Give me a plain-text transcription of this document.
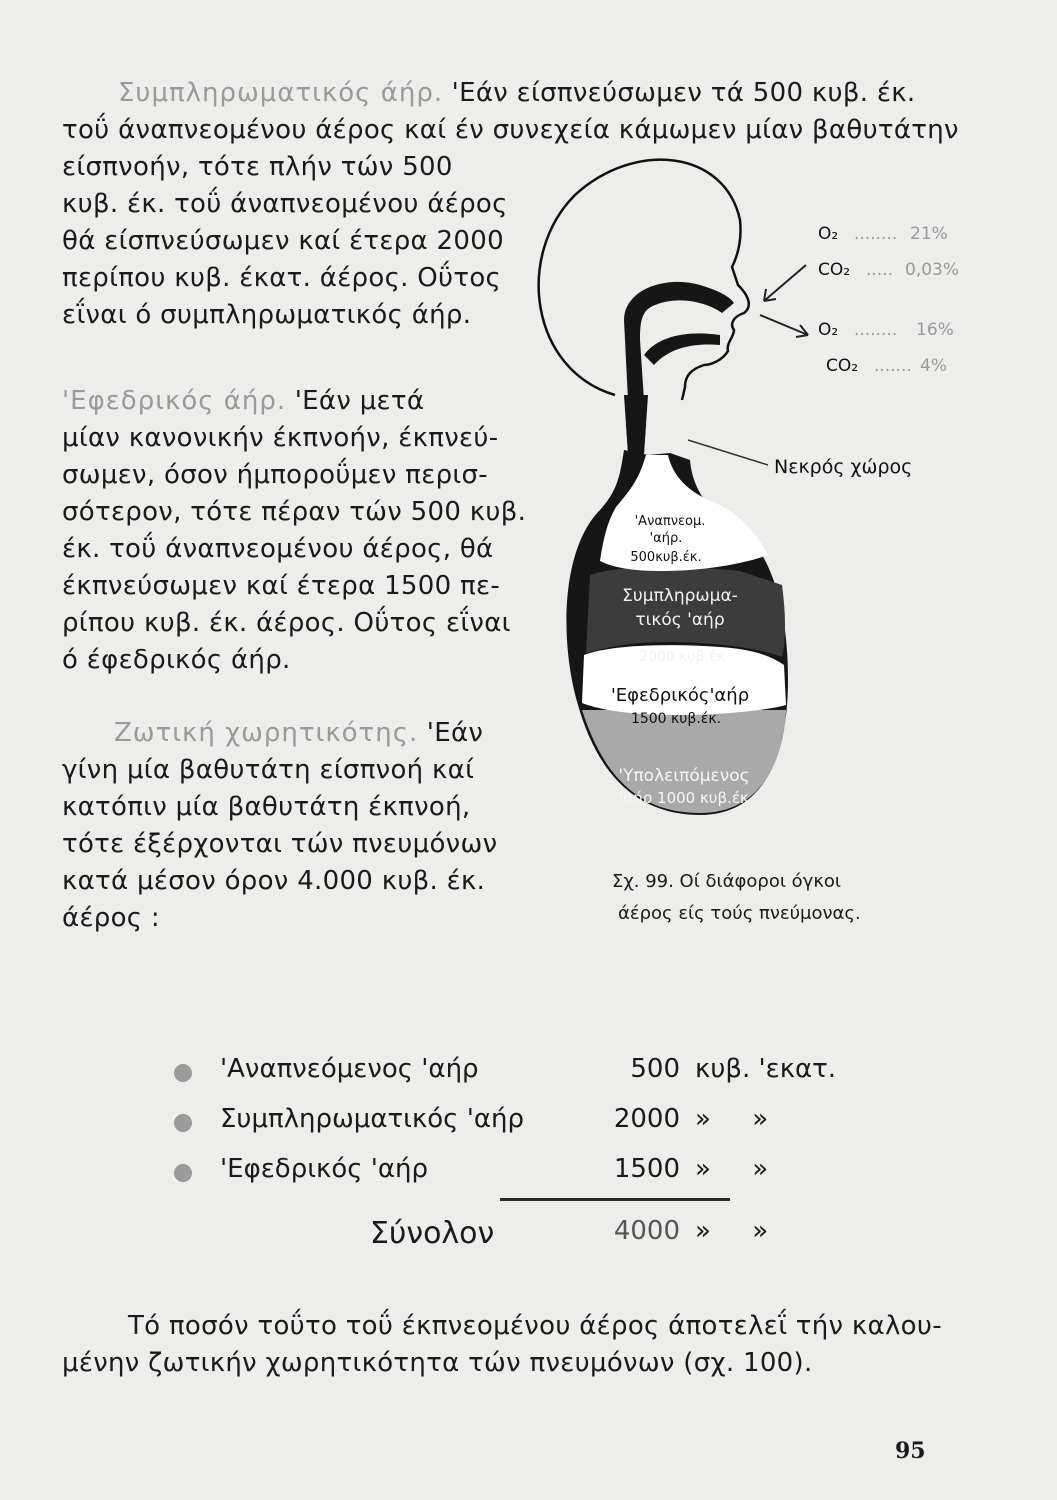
Συμπληρωματικός άήρ. 'Εάν είσπνεύσωμεν τά 500 κυβ. έκ.
τοΰ άναπνεομένου άέρος καί έν συνεχεία κάμωμεν μίαν βαθυτάτην
είσπνοήν, τότε πλήν τών 500
κυβ. έκ. τοΰ άναπνεομένου άέρος
θά είσπνεύσωμεν καί έτερα 2000
περίπου κυβ. έκατ. άέρος. Οΰτος
εΐναι ό συμπληρωματικός άήρ.
'Εφεδρικός άήρ. 'Εάν μετά
μίαν κανονικήν έκπνοήν, έκπνεύ-
σωμεν, όσον ήμποροΰμεν περισ-
σότερον, τότε πέραν τών 500 κυβ.
έκ. τοΰ άναπνεομένου άέρος, θά
έκπνεύσωμεν καί έτερα 1500 πε-
ρίπου κυβ. έκ. άέρος. Οΰτος εΐναι
ό έφεδρικός άήρ.
Ζωτική χωρητικότης. 'Εάν
γίνη μία βαθυτάτη είσπνοή καί
κατόπιν μία βαθυτάτη έκπνοή,
τότε έξέρχονται τών πνευμόνων
κατά μέσον όρον 4.000 κυβ. έκ.
άέρος :
O₂ ........ 21%
CO₂ ..... 0,03%
O₂ ........ 16%
CO₂ ....... 4%
Νεκρός χώρος
'Αναπνεομ.
'αήρ.
500κυβ.έκ.
Συμπληρωμα-
τικός 'αήρ
2000 κυβ.έκ
'Εφεδρικός'αήρ
1500 κυβ.έκ.
'Υπολειπόμενος
'αήρ 1000 κυβ.έκ
Σχ. 99. Οί διάφοροι όγκοι
άέρος είς τούς πνεύμονας.
'Αναπνεόμενος 'αήρ	500 κυβ. 'εκατ.
Συμπληρωματικός 'αήρ	2000 »     »
'Εφεδρικός 'αήρ	1500 »     »
Σύνολον	4000 »     »
Τό ποσόν τοΰτο τοΰ έκπνεομένου άέρος άποτελεΐ τήν καλου-
μένην ζωτικήν χωρητικότητα τών πνευμόνων (σχ. 100).
95
